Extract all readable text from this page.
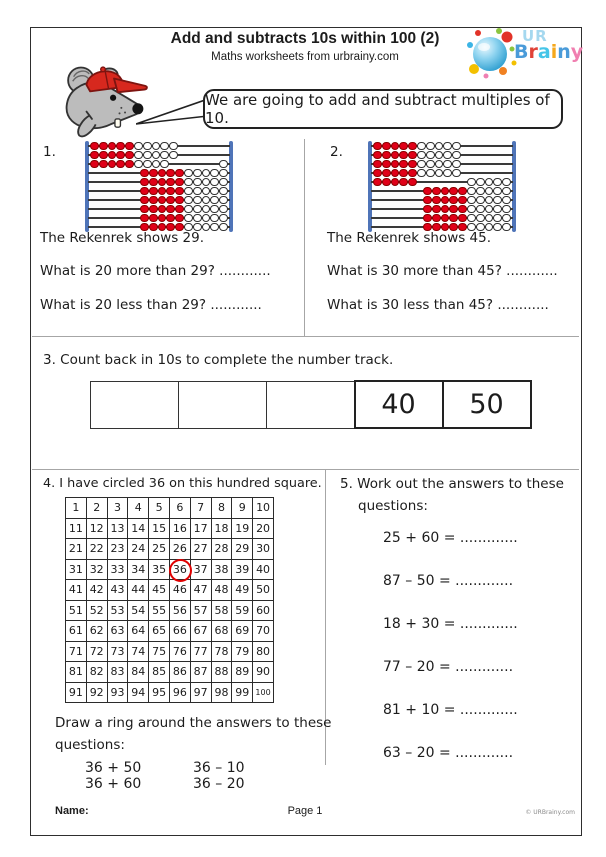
Add and subtracts 10s within 100 (2)
Maths worksheets from urbrainy.com
UR
Brainy
We are going to add and subtract multiples of 10.
1.
The Rekenrek shows 29.
What is 20 more than 29? ............
What is 20 less than 29? ............
2.
The Rekenrek shows 45.
What is 30 more than 45? ............
What is 30 less than 45? ............
3. Count back in 10s to complete the number track.
			40	50
4. I have circled 36 on this hundred square.
1	2	3	4	5	6	7	8	9	10
11	12	13	14	15	16	17	18	19	20
21	22	23	24	25	26	27	28	29	30
31	32	33	34	35	36	37	38	39	40
41	42	43	44	45	46	47	48	49	50
51	52	53	54	55	56	57	58	59	60
61	62	63	64	65	66	67	68	69	70
71	72	73	74	75	76	77	78	79	80
81	82	83	84	85	86	87	88	89	90
91	92	93	94	95	96	97	98	99	100
Draw a ring around the answers to these
questions:
36 + 50	36 – 10
36 + 60	36 – 20
5. Work out the answers to these
questions:
25 + 60 = .............
87 – 50 = .............
18 + 30 = .............
77 – 20 = .............
81 + 10 = .............
63 – 20 = .............
Name:	Page 1	© URBrainy.com
